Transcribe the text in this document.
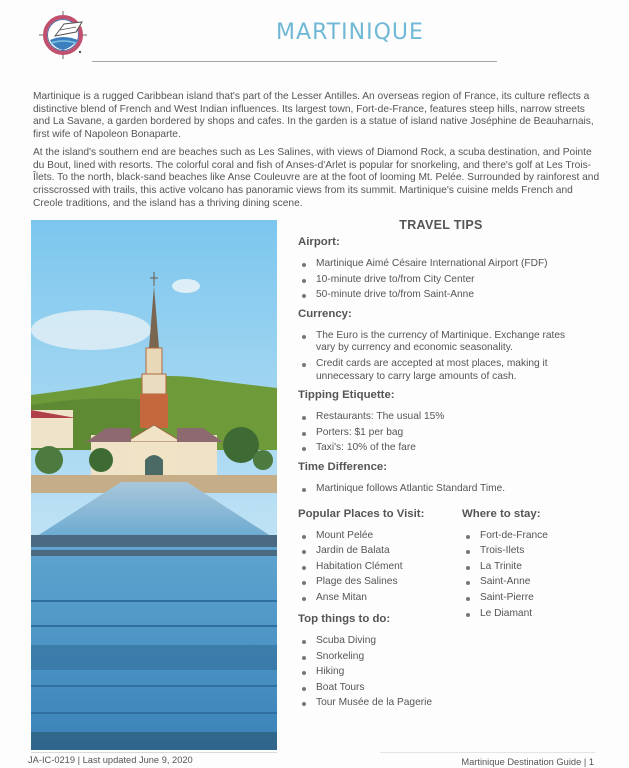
MARTINIQUE

Martinique is a rugged Caribbean island that's part of the Lesser Antilles. An overseas region of France, its culture reflects a distinctive blend of French and West Indian influences. Its largest town, Fort-de-France, features steep hills, narrow streets and La Savane, a garden bordered by shops and cafes. In the garden is a statue of island native Joséphine de Beauharnais, first wife of Napoleon Bonaparte.

At the island's southern end are beaches such as Les Salines, with views of Diamond Rock, a scuba destination, and Pointe du Bout, lined with resorts. The colorful coral and fish of Anses-d'Arlet is popular for snorkeling, and there's golf at Les Trois-Îlets. To the north, black-sand beaches like Anse Couleuvre are at the foot of looming Mt. Pelée. Surrounded by rainforest and crisscrossed with trails, this active volcano has panoramic views from its summit. Martinique's cuisine melds French and Creole traditions, and the island has a thriving dining scene.

TRAVEL TIPS
Airport:
Martinique Aimé Césaire International Airport (FDF)
10-minute drive to/from City Center
50-minute drive to/from Saint-Anne
Currency:
The Euro is the currency of Martinique. Exchange rates vary by currency and economic seasonality.
Credit cards are accepted at most places, making it unnecessary to carry large amounts of cash.
Tipping Etiquette:
Restaurants: The usual 15%
Porters: $1 per bag
Taxi's: 10% of the fare
Time Difference:
Martinique follows Atlantic Standard Time.
Popular Places to Visit:
Mount Pelée
Jardin de Balata
Habitation Clément
Plage des Salines
Anse Mitan
Where to stay:
Fort-de-France
Trois-Ilets
La Trinite
Saint-Anne
Saint-Pierre
Le Diamant
Top things to do:
Scuba Diving
Snorkeling
Hiking
Boat Tours
Tour Musée de la Pagerie
JA-IC-0219 | Last updated June 9, 2020	Martinique Destination Guide | 1
